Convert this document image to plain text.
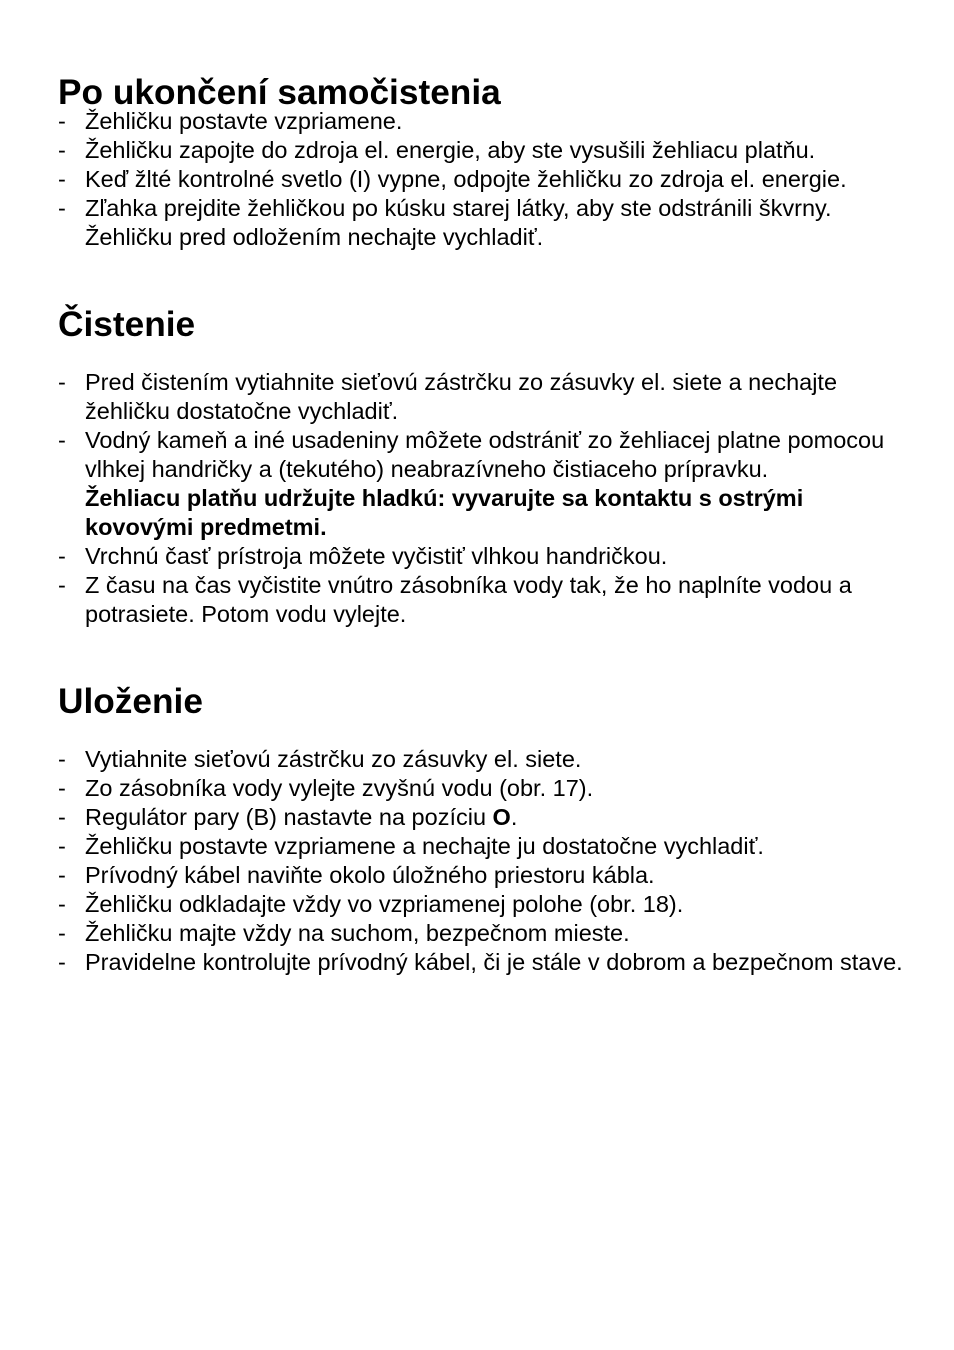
Po ukončení samočistenia
- Žehličku postavte vzpriamene.
- Žehličku zapojte do zdroja el. energie, aby ste vysušili žehliacu platňu.
- Keď žlté kontrolné svetlo (I) vypne, odpojte žehličku zo zdroja el. energie.
- Zľahka prejdite žehličkou po kúsku starej látky, aby ste odstránili škvrny. Žehličku pred odložením nechajte vychladiť.
Čistenie
- Pred čistením vytiahnite sieťovú zástrčku zo zásuvky el. siete a nechajte žehličku dostatočne vychladiť.
- Vodný kameň a iné usadeniny môžete odstrániť zo žehliacej platne pomocou vlhkej handričky a (tekutého) neabrazívneho čistiaceho prípravku.
Žehliacu platňu udržujte hladkú: vyvarujte sa kontaktu s ostrými kovovými predmetmi.
- Vrchnú časť prístroja môžete vyčistiť vlhkou handričkou.
- Z času na čas vyčistite vnútro zásobníka vody tak, že ho naplníte vodou a potrasiete. Potom vodu vylejte.
Uloženie
- Vytiahnite sieťovú zástrčku zo zásuvky el. siete.
- Zo zásobníka vody vylejte zvyšnú vodu (obr. 17).
- Regulátor pary (B) nastavte na pozíciu O.
- Žehličku postavte vzpriamene a nechajte ju dostatočne vychladiť.
- Prívodný kábel naviňte okolo úložného priestoru kábla.
- Žehličku odkladajte vždy vo vzpriamenej polohe (obr. 18).
- Žehličku majte vždy na suchom, bezpečnom mieste.
- Pravidelne kontrolujte prívodný kábel, či je stále v dobrom a bezpečnom stave.
